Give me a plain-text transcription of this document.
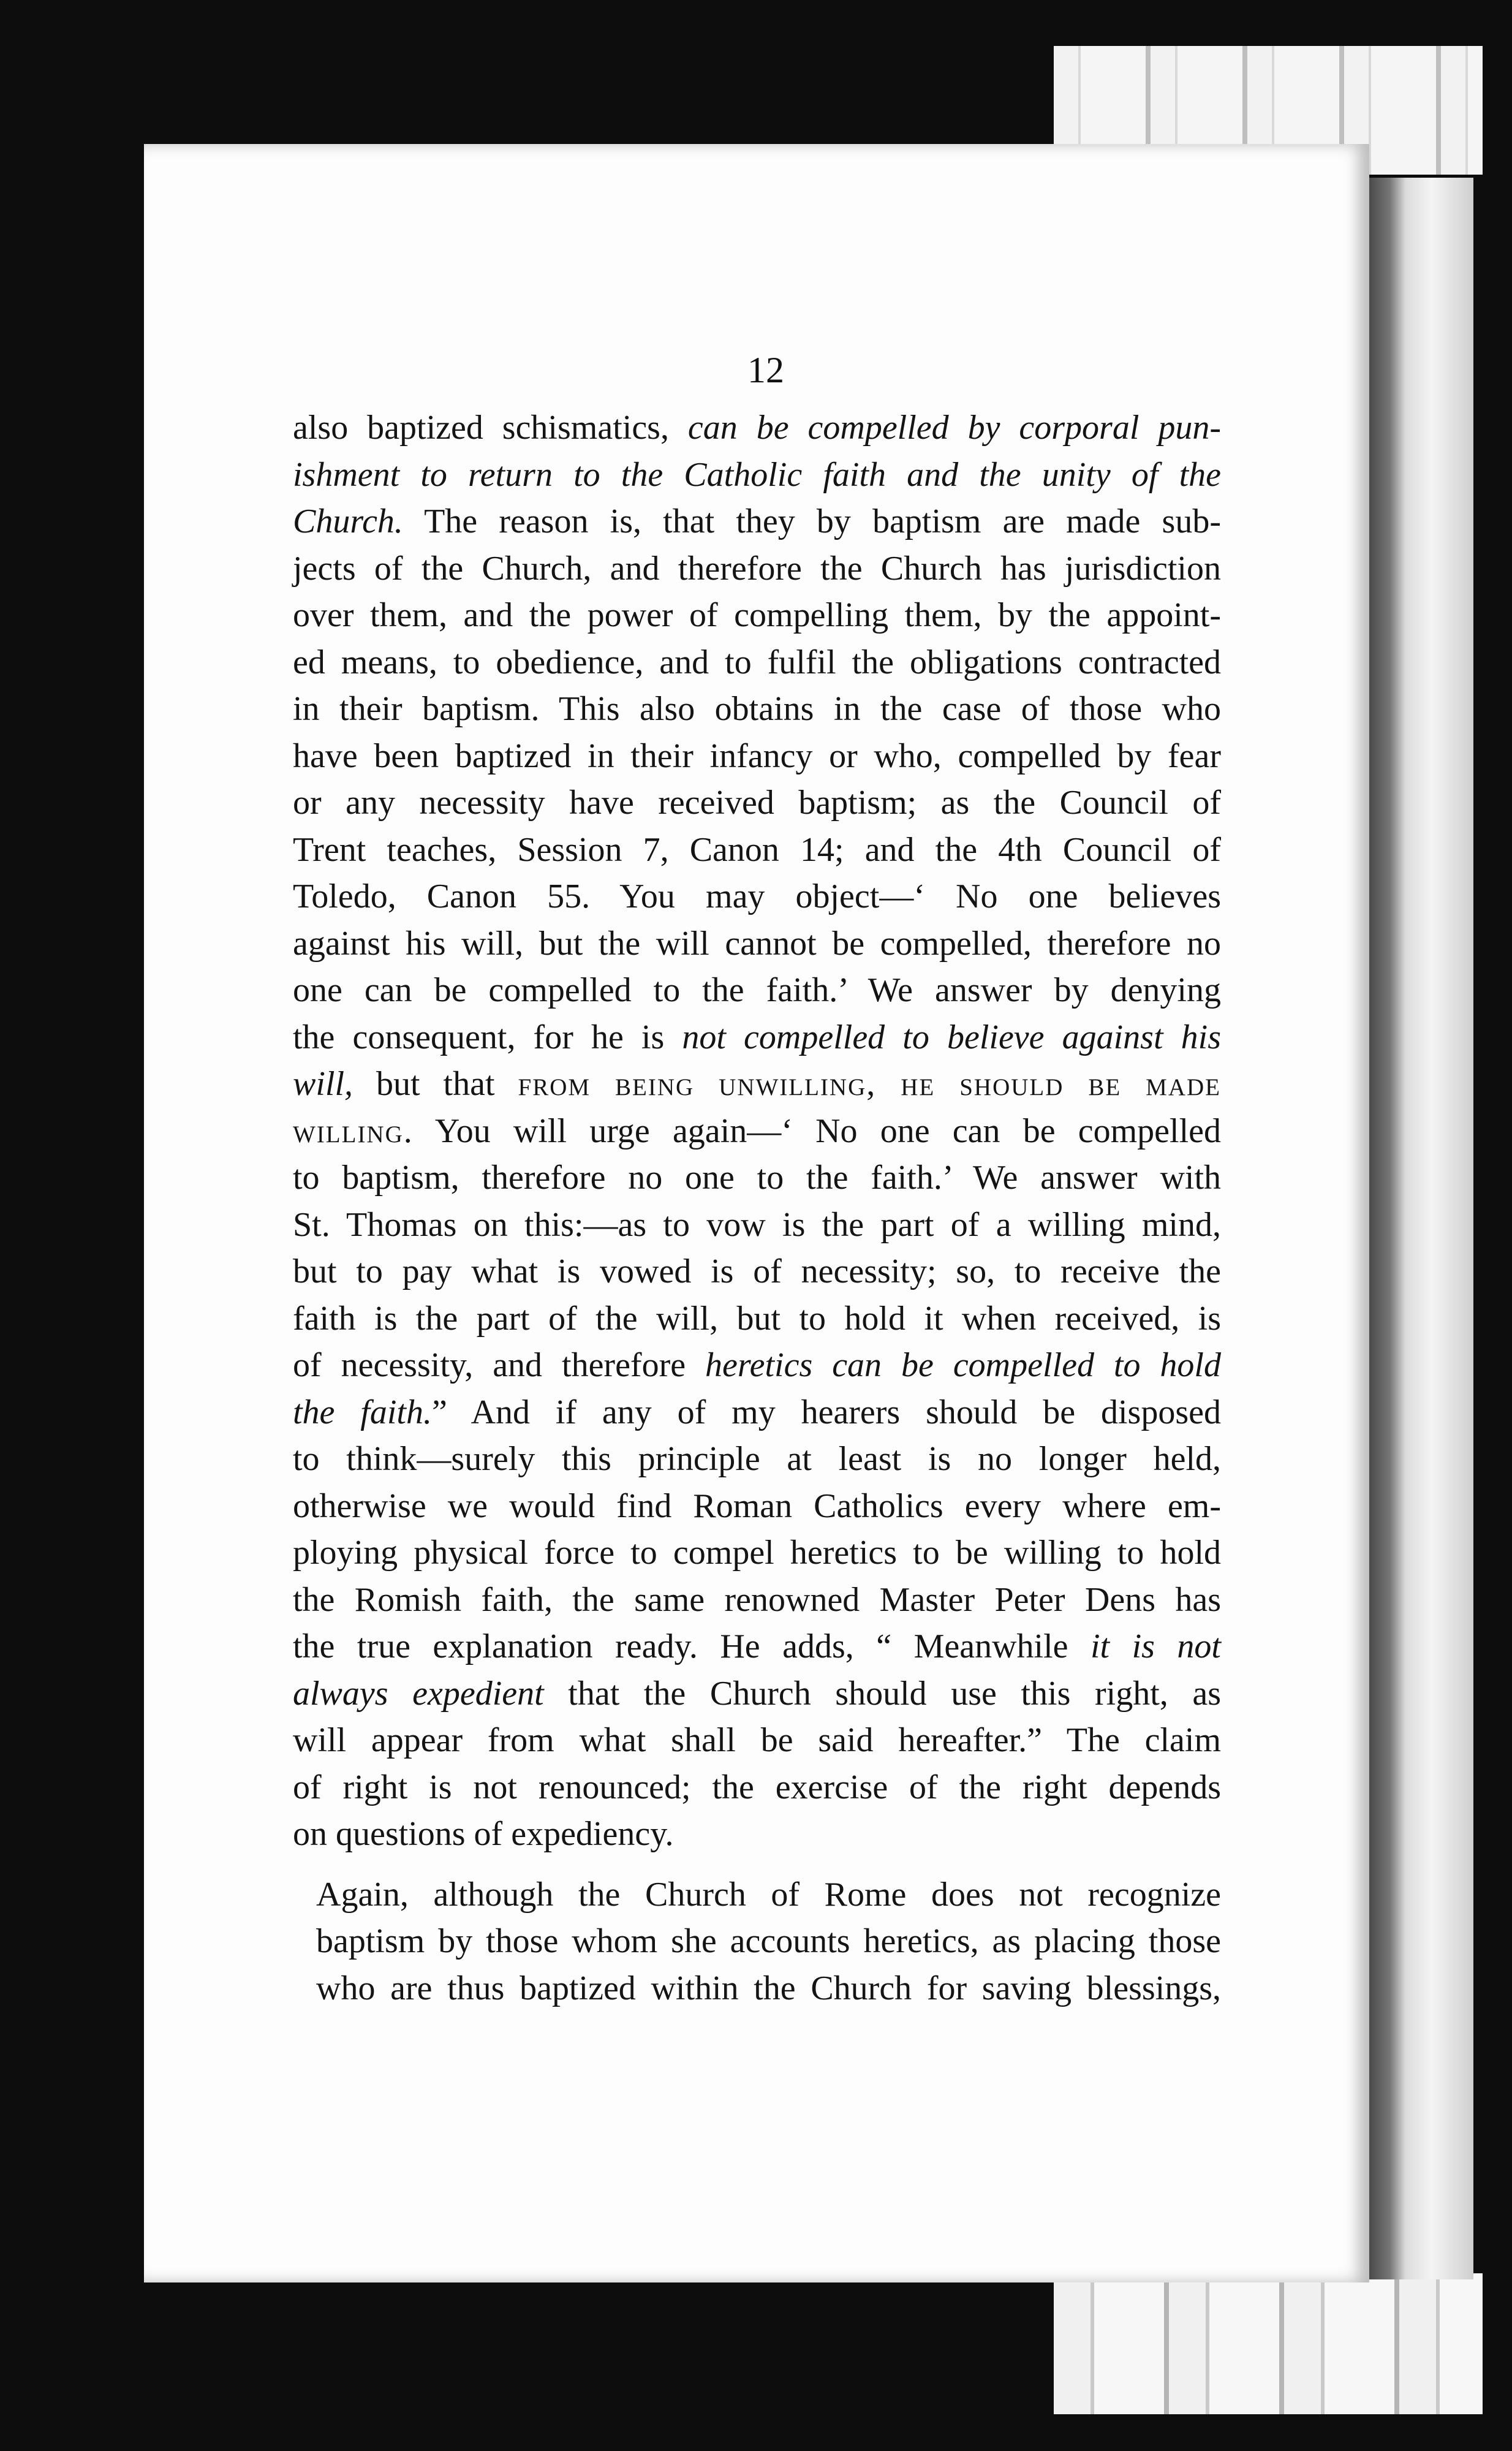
12

also baptized schismatics, can be compelled by corporal pun-
ishment to return to the Catholic faith and the unity of the
Church. The reason is, that they by baptism are made sub-
jects of the Church, and therefore the Church has jurisdiction
over them, and the power of compelling them, by the appoint-
ed means, to obedience, and to fulfil the obligations contracted
in their baptism. This also obtains in the case of those who
have been baptized in their infancy or who, compelled by fear
or any necessity have received baptism; as the Council of
Trent teaches, Session 7, Canon 14; and the 4th Council of
Toledo, Canon 55. You may object—‘ No one believes
against his will, but the will cannot be compelled, therefore no
one can be compelled to the faith.’ We answer by denying
the consequent, for he is not compelled to believe against his
will, but that from being unwilling, he should be made
willing. You will urge again—‘ No one can be compelled
to baptism, therefore no one to the faith.’ We answer with
St. Thomas on this:—as to vow is the part of a willing mind,
but to pay what is vowed is of necessity; so, to receive the
faith is the part of the will, but to hold it when received, is
of necessity, and therefore heretics can be compelled to hold
the faith.” And if any of my hearers should be disposed
to think—surely this principle at least is no longer held,
otherwise we would find Roman Catholics every where em-
ploying physical force to compel heretics to be willing to hold
the Romish faith, the same renowned Master Peter Dens has
the true explanation ready. He adds, “ Meanwhile it is not
always expedient that the Church should use this right, as
will appear from what shall be said hereafter.” The claim
of right is not renounced; the exercise of the right depends
on questions of expediency.

Again, although the Church of Rome does not recognize
baptism by those whom she accounts heretics, as placing those
who are thus baptized within the Church for saving blessings,
